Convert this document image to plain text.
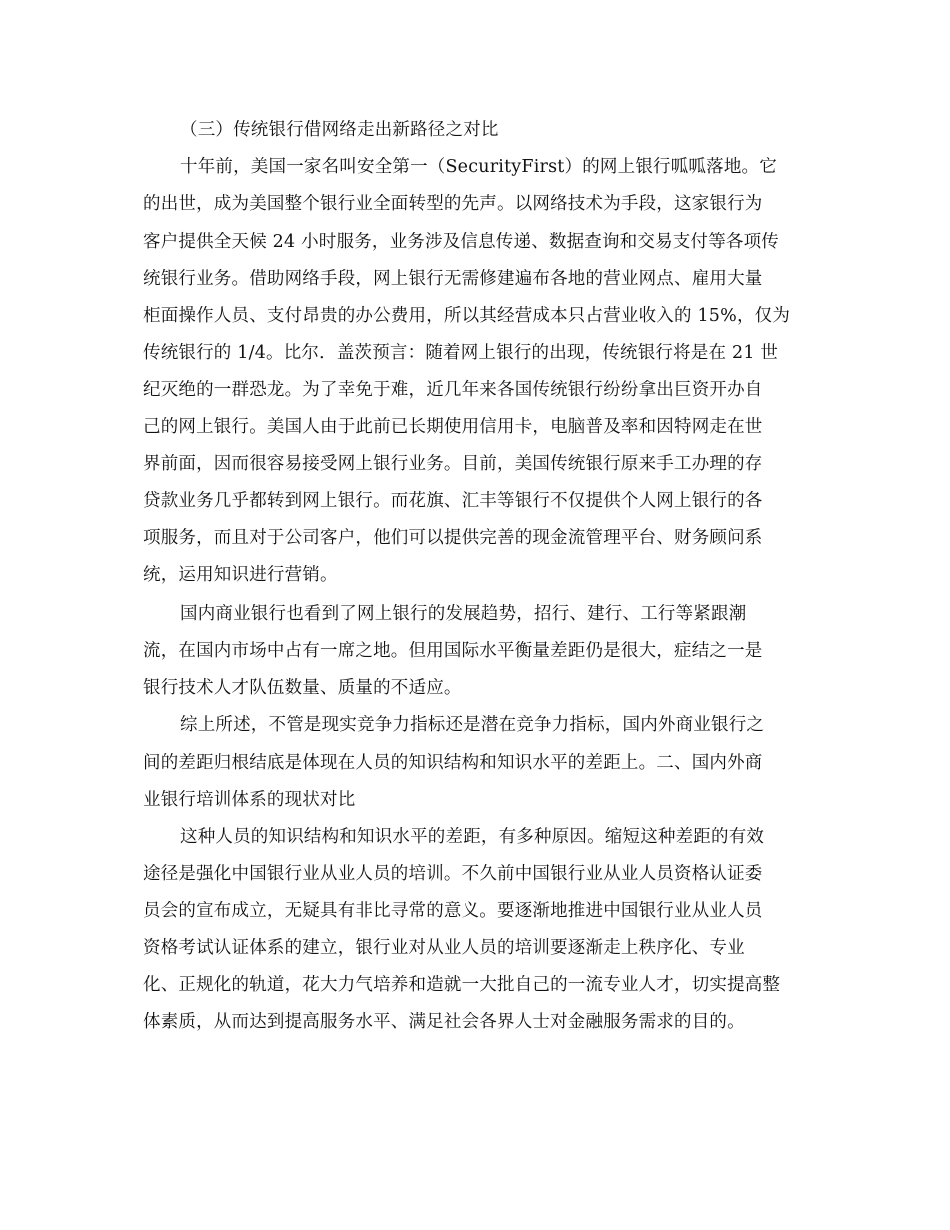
（三）传统银行借网络走出新路径之对比
十年前，美国一家名叫安全第一（SecurityFirst）的网上银行呱呱落地。它
的出世，成为美国整个银行业全面转型的先声。以网络技术为手段，这家银行为
客户提供全天候 24 小时服务，业务涉及信息传递、数据查询和交易支付等各项传
统银行业务。借助网络手段，网上银行无需修建遍布各地的营业网点、雇用大量
柜面操作人员、支付昂贵的办公费用，所以其经营成本只占营业收入的 15%，仅为
传统银行的 1/4。比尔．盖茨预言：随着网上银行的出现，传统银行将是在 21 世
纪灭绝的一群恐龙。为了幸免于难，近几年来各国传统银行纷纷拿出巨资开办自
己的网上银行。美国人由于此前已长期使用信用卡，电脑普及率和因特网走在世
界前面，因而很容易接受网上银行业务。目前，美国传统银行原来手工办理的存
贷款业务几乎都转到网上银行。而花旗、汇丰等银行不仅提供个人网上银行的各
项服务，而且对于公司客户，他们可以提供完善的现金流管理平台、财务顾问系
统，运用知识进行营销。
国内商业银行也看到了网上银行的发展趋势，招行、建行、工行等紧跟潮
流，在国内市场中占有一席之地。但用国际水平衡量差距仍是很大，症结之一是
银行技术人才队伍数量、质量的不适应。
综上所述，不管是现实竞争力指标还是潜在竞争力指标，国内外商业银行之
间的差距归根结底是体现在人员的知识结构和知识水平的差距上。二、国内外商
业银行培训体系的现状对比
这种人员的知识结构和知识水平的差距，有多种原因。缩短这种差距的有效
途径是强化中国银行业从业人员的培训。不久前中国银行业从业人员资格认证委
员会的宣布成立，无疑具有非比寻常的意义。要逐渐地推进中国银行业从业人员
资格考试认证体系的建立，银行业对从业人员的培训要逐渐走上秩序化、专业
化、正规化的轨道，花大力气培养和造就一大批自己的一流专业人才，切实提高整
体素质，从而达到提高服务水平、满足社会各界人士对金融服务需求的目的。
